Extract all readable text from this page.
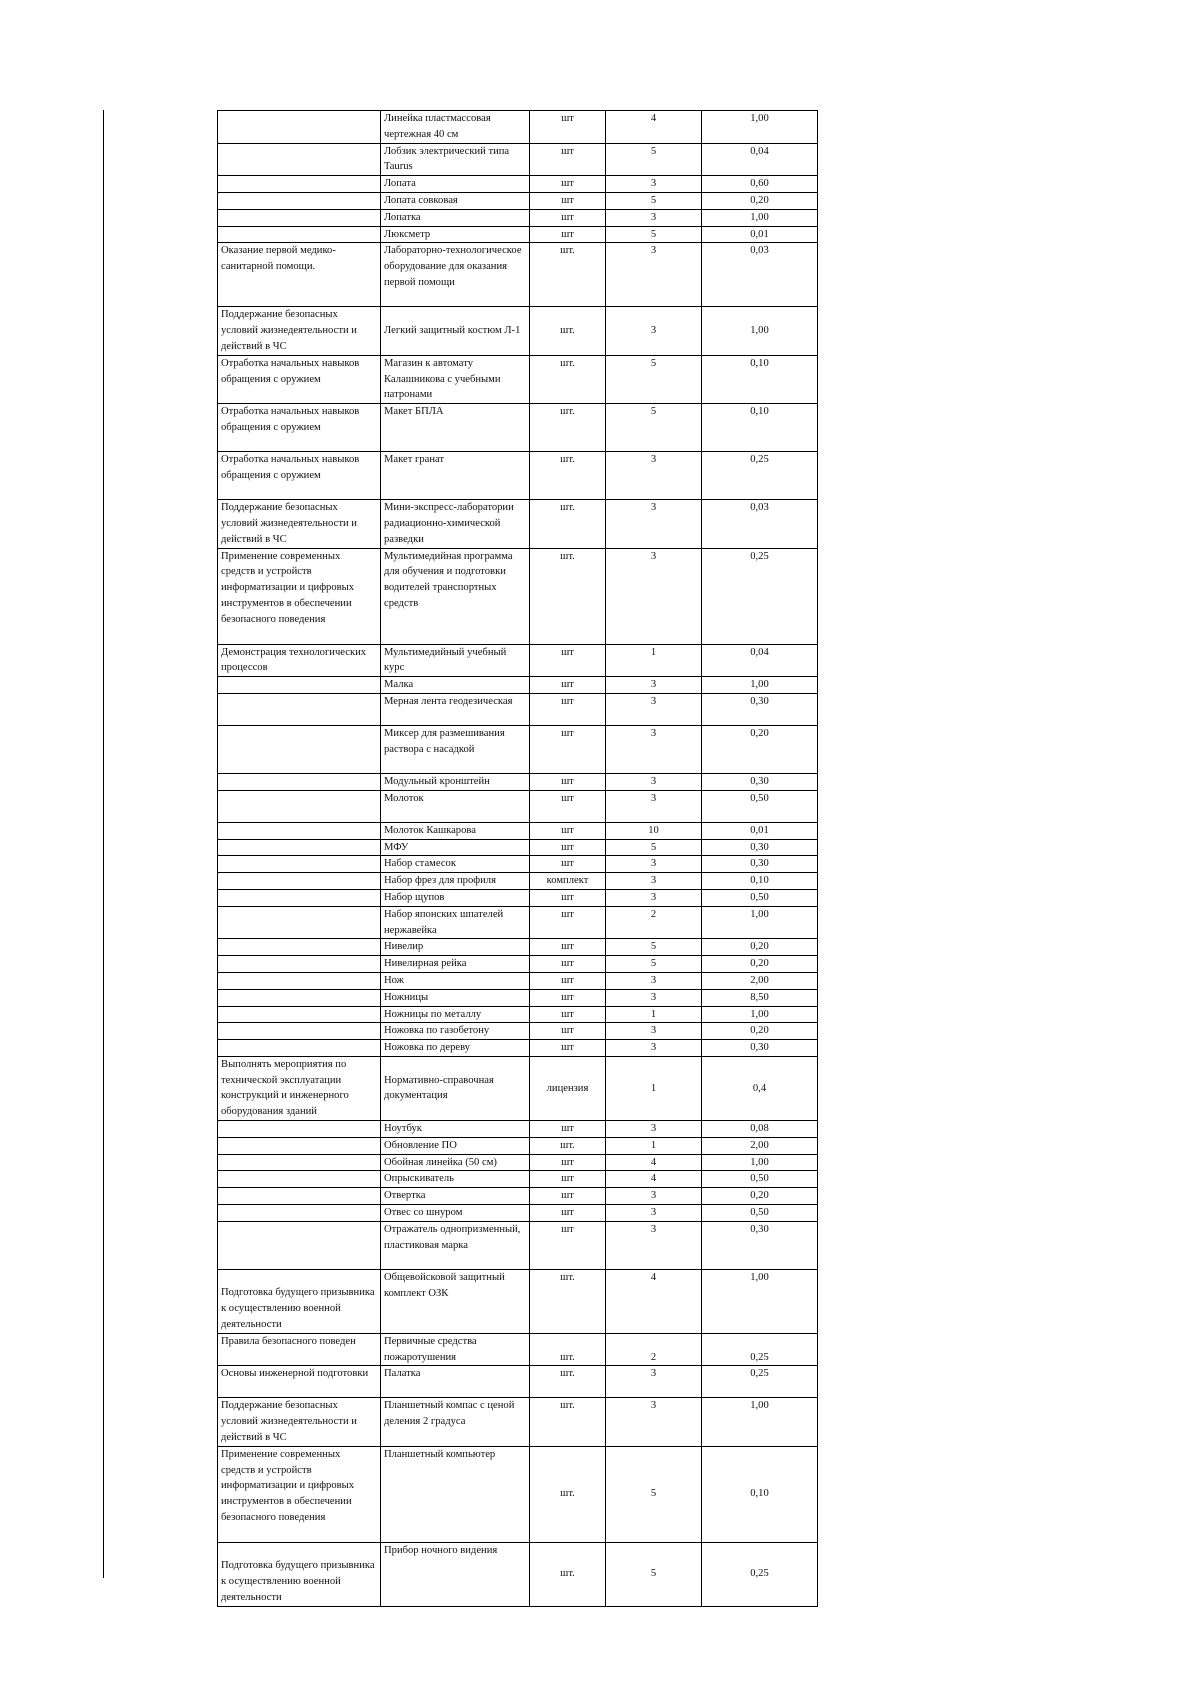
	Линейка пластмассовая чертежная 40 см	шт	4	1,00
	Лобзик электрический типа Taurus	шт	5	0,04
	Лопата	шт	3	0,60
	Лопата совковая	шт	5	0,20
	Лопатка	шт	3	1,00
	Люксметр	шт	5	0,01
Оказание первой медико-санитарной помощи.	Лабораторно-технологическое оборудование для оказания первой помощи	шт.	3	0,03
Поддержание безопасных условий жизнедеятельности и действий в ЧС	Легкий защитный костюм Л-1	шт.	3	1,00
Отработка начальных навыков обращения с оружием	Магазин к автомату Калашникова с учебными патронами	шт.	5	0,10
Отработка начальных навыков обращения с оружием	Макет БПЛА	шт.	5	0,10
Отработка начальных навыков обращения с оружием	Макет гранат	шт.	3	0,25
Поддержание безопасных условий жизнедеятельности и действий в ЧС	Мини-экспресс-лаборатории радиационно-химической разведки	шт.	3	0,03
Применение современных средств и устройств информатизации и цифровых инструментов в обеспечении безопасного поведения	Мультимедийная программа для обучения и подготовки водителей транспортных средств	шт.	3	0,25
Демонстрация технологических процессов	Мультимедийный учебный курс	шт	1	0,04
	Малка	шт	3	1,00
	Мерная лента геодезическая	шт	3	0,30
	Миксер для размешивания раствора с насадкой	шт	3	0,20
	Модульный кронштейн	шт	3	0,30
	Молоток	шт	3	0,50
	Молоток Кашкарова	шт	10	0,01
	МФУ	шт	5	0,30
	Набор стамесок	шт	3	0,30
	Набор фрез для профиля	комплект	3	0,10
	Набор щупов	шт	3	0,50
	Набор японских шпателей нержавейка	шт	2	1,00
	Нивелир	шт	5	0,20
	Нивелирная рейка	шт	5	0,20
	Нож	шт	3	2,00
	Ножницы	шт	3	8,50
	Ножницы по металлу	шт	1	1,00
	Ножовка по газобетону	шт	3	0,20
	Ножовка по дереву	шт	3	0,30
Выполнять мероприятия по технической эксплуатации конструкций и инженерного оборудования зданий	Нормативно-справочная документация	лицензия	1	0,4
	Ноутбук	шт	3	0,08
	Обновление ПО	шт.	1	2,00
	Обойная линейка (50 см)	шт	4	1,00
	Опрыскиватель	шт	4	0,50
	Отвертка	шт	3	0,20
	Отвес со шнуром	шт	3	0,50
	Отражатель однопризменный, пластиковая марка	шт	3	0,30
Подготовка будущего призывника к осуществлению военной деятельности	Общевойсковой защитный комплект ОЗК	шт.	4	1,00
Правила безопасного поведен	Первичные средства пожаротушения	шт.	2	0,25
Основы инженерной подготовки	Палатка	шт.	3	0,25
Поддержание безопасных условий жизнедеятельности и действий в ЧС	Планшетный компас с ценой деления 2 градуса	шт.	3	1,00
Применение современных средств и устройств информатизации и цифровых инструментов в обеспечении безопасного поведения	Планшетный компьютер	шт.	5	0,10
Подготовка будущего призывника к осуществлению военной деятельности	Прибор ночного видения	шт.	5	0,25
